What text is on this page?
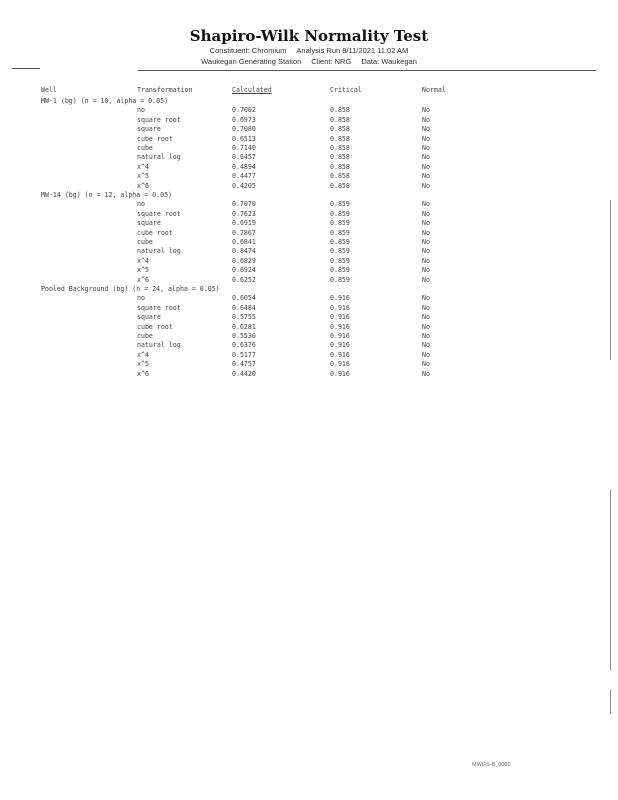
Shapiro-Wilk Normality Test
Constituent: Chromium Analysis Run 8/11/2021 11:02 AM
Waukegan Generating Station Client: NRG Data: Waukegan
Well	Transformation	Calculated	Critical	Normal
MW-1 (bg) (n = 10, alpha = 0.05)
no	0.7002	0.858	No
square root	0.6973	0.858	No
square	0.7080	0.858	No
cube root	0.6513	0.858	No
cube	0.7140	0.858	No
natural log	0.6457	0.858	No
x^4	0.4894	0.858	No
x^5	0.4477	0.858	No
x^6	0.4205	0.858	No
MW-14 (bg) (n = 12, alpha = 0.05)
no	0.7070	0.859	No
square root	0.7623	0.859	No
square	0.6919	0.859	No
cube root	0.7867	0.859	No
cube	0.6841	0.859	No
natural log	0.8474	0.859	No
x^4	0.6829	0.859	No
x^5	0.6924	0.859	No
x^6	0.6252	0.859	No
Pooled Background (bg) (n = 24, alpha = 0.05)
no	0.6054	0.916	No
square root	0.6484	0.916	No
square	0.5755	0.916	No
cube root	0.6281	0.916	No
cube	0.5530	0.916	No
natural log	0.6376	0.916	No
x^4	0.5177	0.916	No
x^5	0.4757	0.916	No
x^6	0.4420	0.916	No
MWGS-B_0060
